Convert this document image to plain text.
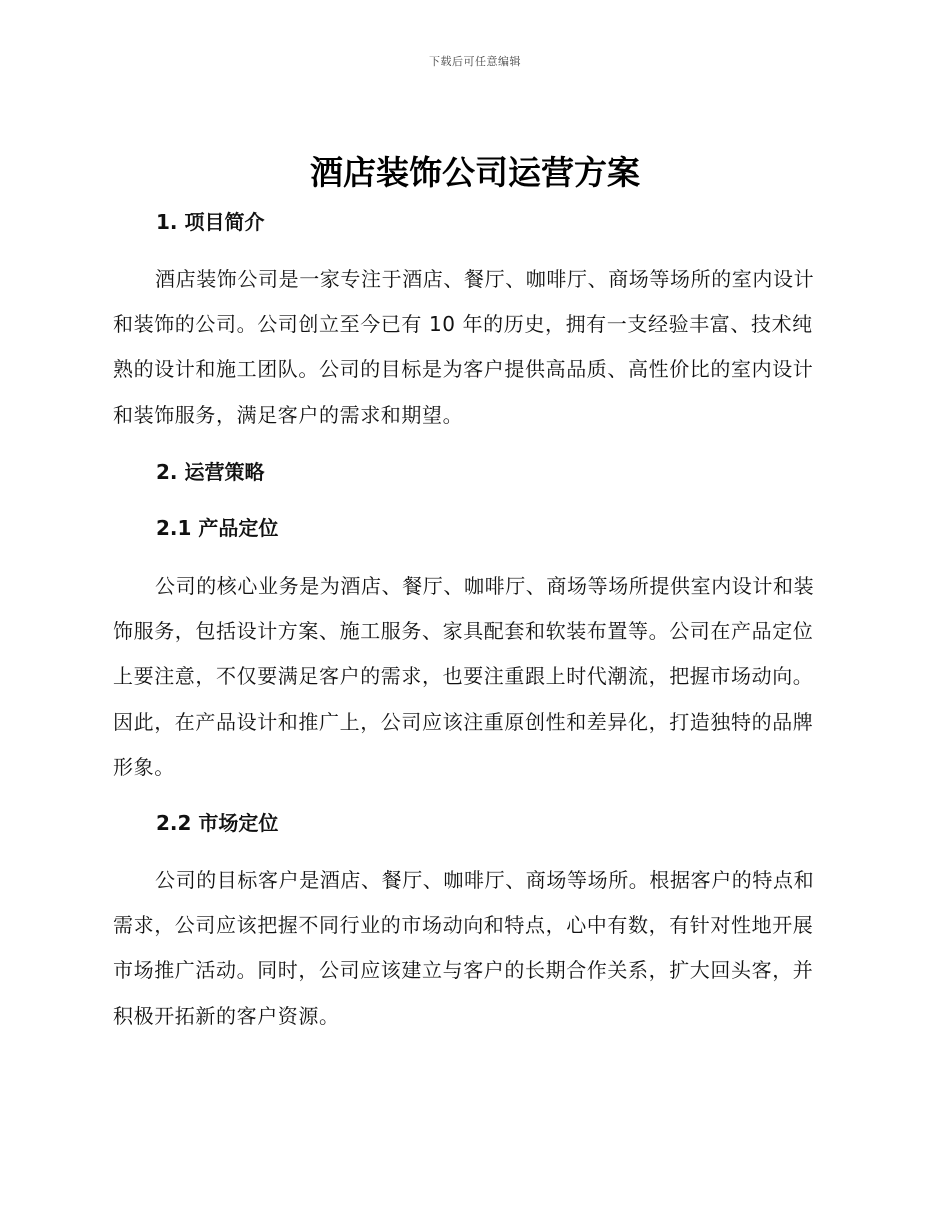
下载后可任意编辑
酒店装饰公司运营方案
1. 项目简介

酒店装饰公司是一家专注于酒店、餐厅、咖啡厅、商场等场所的室内设计和装饰的公司。公司创立至今已有 10 年的历史，拥有一支经验丰富、技术纯熟的设计和施工团队。公司的目标是为客户提供高品质、高性价比的室内设计和装饰服务，满足客户的需求和期望。

2. 运营策略
2.1 产品定位

公司的核心业务是为酒店、餐厅、咖啡厅、商场等场所提供室内设计和装饰服务，包括设计方案、施工服务、家具配套和软装布置等。公司在产品定位上要注意，不仅要满足客户的需求，也要注重跟上时代潮流，把握市场动向。因此，在产品设计和推广上，公司应该注重原创性和差异化，打造独特的品牌形象。

2.2 市场定位

公司的目标客户是酒店、餐厅、咖啡厅、商场等场所。根据客户的特点和需求，公司应该把握不同行业的市场动向和特点，心中有数，有针对性地开展市场推广活动。同时，公司应该建立与客户的长期合作关系，扩大回头客，并积极开拓新的客户资源。
